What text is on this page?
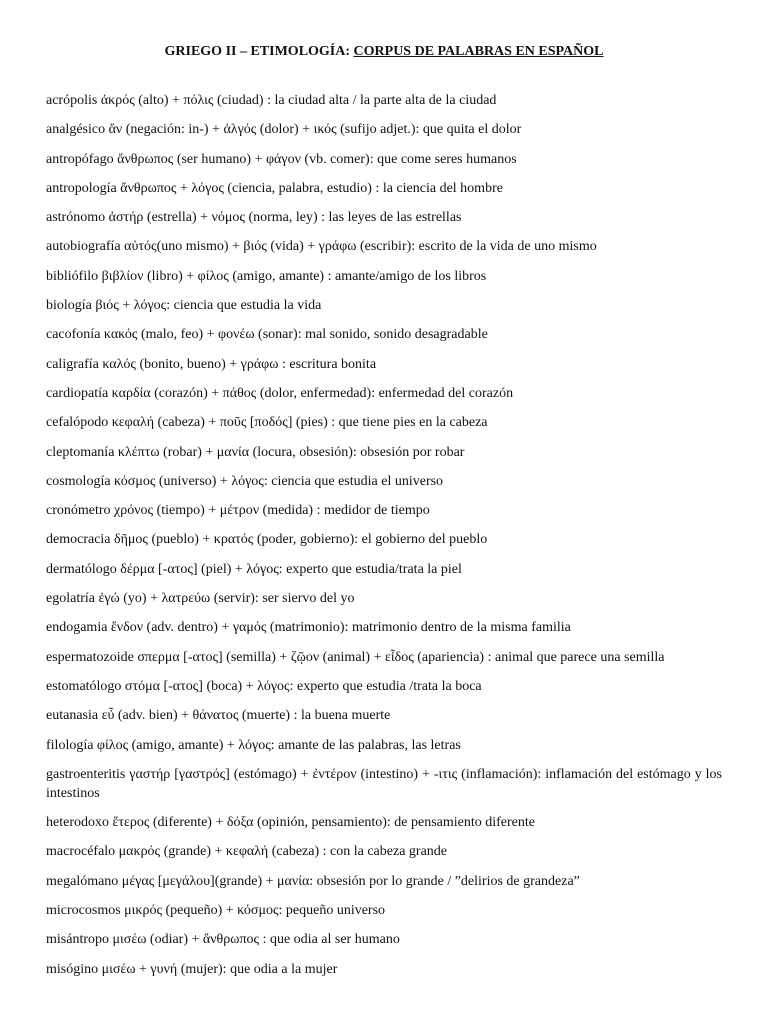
GRIEGO II – ETIMOLOGÍA: CORPUS DE PALABRAS EN ESPAÑOL
acrópolis ἀκρός (alto) + πόλις (ciudad) : la ciudad alta / la parte alta de la ciudad
analgésico ἄν (negación: in-) + ἀλγός (dolor) + ικός (sufijo adjet.): que quita el dolor
antropófago ἄνθρωπος (ser humano) + φάγον (vb. comer): que come seres humanos
antropología ἄνθρωπος + λόγος (ciencia, palabra, estudio) : la ciencia del hombre
astrónomo ἀστήρ (estrella) + νόμος (norma, ley) : las leyes de las estrellas
autobiografía αὐτός(uno mismo) + βιός (vida) + γράφω (escribir): escrito de la vida de uno mismo
bibliófilo βιβλίον (libro) + φίλος (amigo, amante) : amante/amigo de los libros
biología βιός + λόγος: ciencia que estudia la vida
cacofonía κακός (malo, feo) + φονέω (sonar): mal sonido, sonido desagradable
caligrafía καλός (bonito, bueno) + γράφω : escritura bonita
cardiopatía καρδία (corazón) + πάθος (dolor, enfermedad): enfermedad del corazón
cefalópodo κεφαλή (cabeza) + ποῦς [ποδός] (pies) : que tiene pies en la cabeza
cleptomanía κλέπτω (robar) + μανία (locura, obsesión): obsesión por robar
cosmología κόσμος (universo) + λόγος: ciencia que estudia el universo
cronómetro χρόνος (tiempo) + μέτρον (medida) : medidor de tiempo
democracia δῆμος (pueblo) + κρατός (poder, gobierno): el gobierno del pueblo
dermatólogo δέρμα [-ατος] (piel) + λόγος: experto que estudia/trata la piel
egolatría ἐγώ (yo) + λατρεύω (servir): ser siervo del yo
endogamia ἔνδον (adv. dentro) + γαμός (matrimonio): matrimonio dentro de la misma familia
espermatozoide σπερμα [-ατος] (semilla) + ζῷον (animal) + εἶδος (apariencia) : animal que parece una semilla
estomatólogo στόμα [-ατος] (boca) + λόγος: experto que estudia /trata la boca
eutanasia εὖ (adv. bien) + θάνατος (muerte) : la buena muerte
filología φίλος (amigo, amante) + λόγος: amante de las palabras, las letras
gastroenteritis γαστήρ [γαστρός] (estómago) + ἐντέρον (intestino) + -ιτις (inflamación): inflamación del estómago y los intestinos
heterodoxo ἕτερος (diferente) + δόξα (opinión, pensamiento): de pensamiento diferente
macrocéfalo μακρός (grande) + κεφαλή (cabeza) : con la cabeza grande
megalómano μέγας [μεγάλου](grande) + μανία: obsesión por lo grande / ”delirios de grandeza”
microcosmos μικρός (pequeño) + κόσμος: pequeño universo
misántropo μισέω (odiar) + ἄνθρωπος : que odia al ser humano
misógino μισέω + γυνή (mujer): que odia a la mujer
